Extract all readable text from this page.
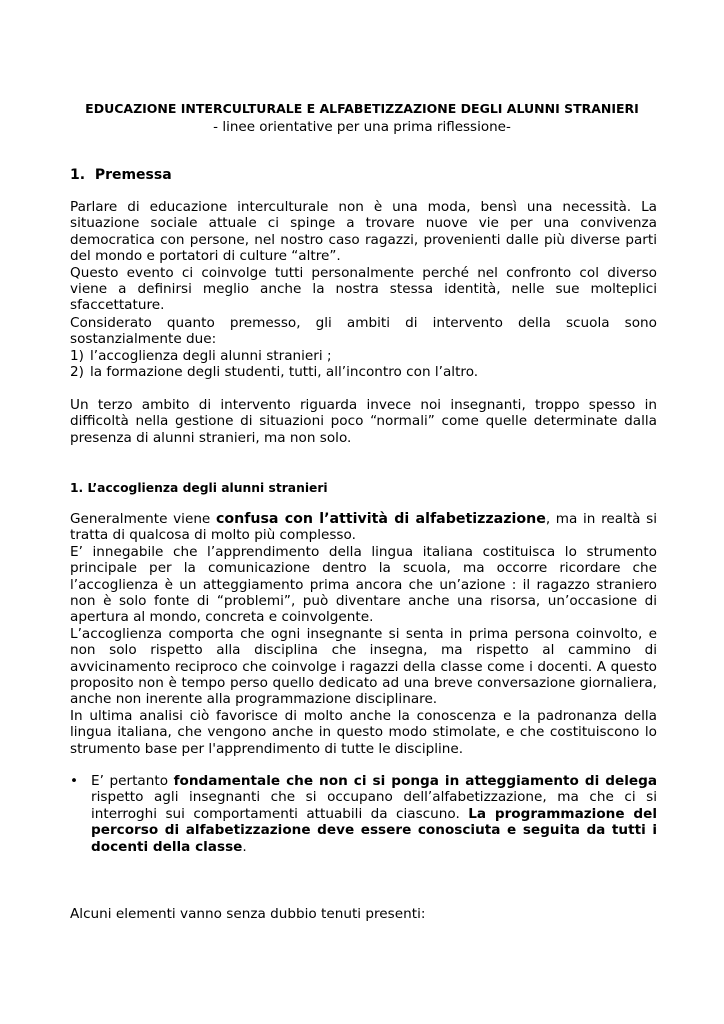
EDUCAZIONE INTERCULTURALE E ALFABETIZZAZIONE DEGLI ALUNNI STRANIERI
- linee orientative per una prima riflessione-
1. Premessa

Parlare di educazione interculturale non è una moda, bensì una necessità. La situazione sociale attuale ci spinge a trovare nuove vie per una convivenza democratica con persone, nel nostro caso ragazzi, provenienti dalle più diverse parti del mondo e portatori di culture “altre”.

Questo evento ci coinvolge tutti personalmente perché nel confronto col diverso viene a definirsi meglio anche la nostra stessa identità, nelle sue molteplici sfaccettature.

Considerato quanto premesso, gli ambiti di intervento della scuola sono sostanzialmente due:

1) l’accoglienza degli alunni stranieri ;
2) la formazione degli studenti, tutti, all’incontro con l’altro.

Un terzo ambito di intervento riguarda invece noi insegnanti, troppo spesso in difficoltà nella gestione di situazioni poco “normali” come quelle determinate dalla presenza di alunni stranieri, ma non solo.

1. L’accoglienza degli alunni stranieri

Generalmente viene confusa con l’attività di alfabetizzazione, ma in realtà si tratta di qualcosa di molto più complesso.

E’ innegabile che l’apprendimento della lingua italiana costituisca lo strumento principale per la comunicazione dentro la scuola, ma occorre ricordare che l’accoglienza è un atteggiamento prima ancora che un’azione : il ragazzo straniero non è solo fonte di “problemi”, può diventare anche una risorsa, un’occasione di apertura al mondo, concreta e coinvolgente.

L’accoglienza comporta che ogni insegnante si senta in prima persona coinvolto, e non solo rispetto alla disciplina che insegna, ma rispetto al cammino di avvicinamento reciproco che coinvolge i ragazzi della classe come i docenti. A questo proposito non è tempo perso quello dedicato ad una breve conversazione giornaliera, anche non inerente alla programmazione disciplinare.

In ultima analisi ciò favorisce di molto anche la conoscenza e la padronanza della lingua italiana, che vengono anche in questo modo stimolate, e che costituiscono lo strumento base per l'apprendimento di tutte le discipline.

• E’ pertanto fondamentale che non ci si ponga in atteggiamento di delega rispetto agli insegnanti che si occupano dell’alfabetizzazione, ma che ci si interroghi sui comportamenti attuabili da ciascuno. La programmazione del percorso di alfabetizzazione deve essere conosciuta e seguita da tutti i docenti della classe.

Alcuni elementi vanno senza dubbio tenuti presenti:
